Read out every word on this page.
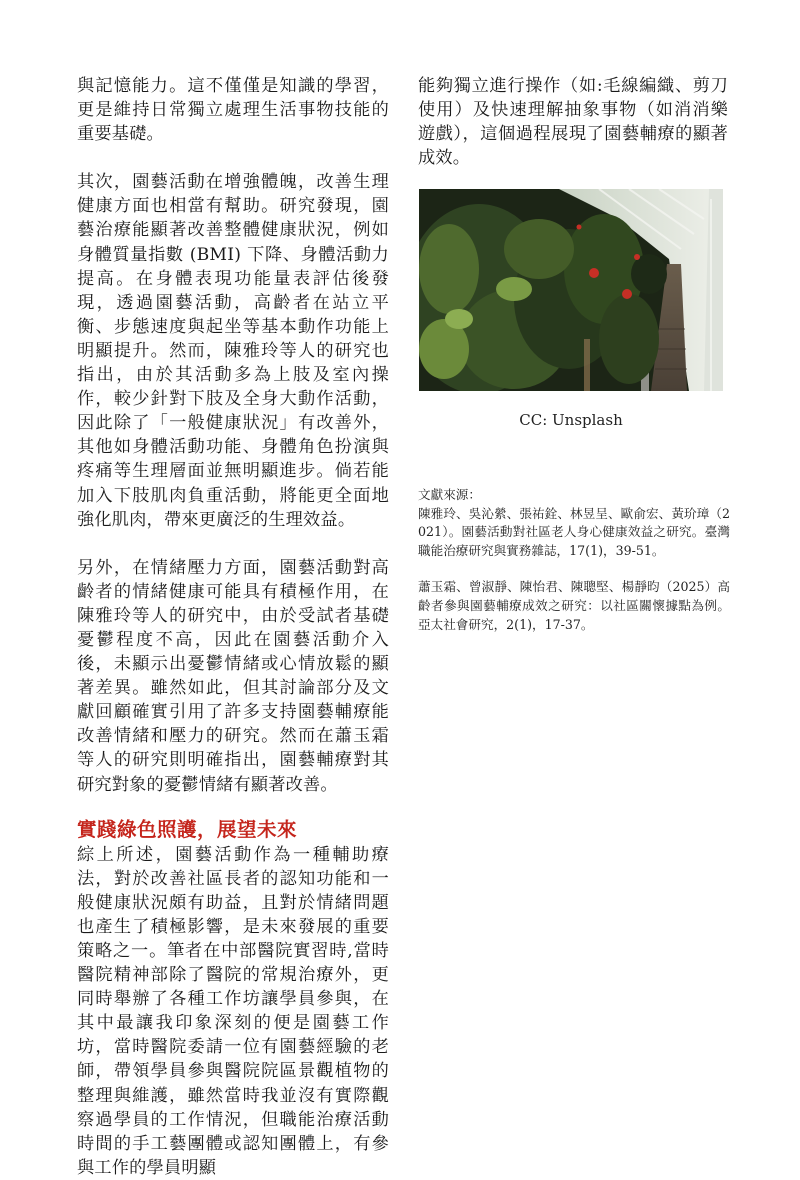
與記憶能力。這不僅僅是知識的學習，更是維持日常獨立處理生活事物技能的重要基礎。

其次，園藝活動在增強體魄，改善生理健康方面也相當有幫助。研究發現，園藝治療能顯著改善整體健康狀況，例如身體質量指數 (BMI) 下降、身體活動力提高。在身體表現功能量表評估後發現，透過園藝活動，高齡者在站立平衡、步態速度與起坐等基本動作功能上明顯提升。然而，陳雅玲等人的研究也指出，由於其活動多為上肢及室內操作，較少針對下肢及全身大動作活動，因此除了「一般健康狀況」有改善外，其他如身體活動功能、身體角色扮演與疼痛等生理層面並無明顯進步。倘若能加入下肢肌肉負重活動，將能更全面地強化肌肉，帶來更廣泛的生理效益。

另外，在情緒壓力方面，園藝活動對高齡者的情緒健康可能具有積極作用，在陳雅玲等人的研究中，由於受試者基礎憂鬱程度不高，因此在園藝活動介入後，未顯示出憂鬱情緒或心情放鬆的顯著差異。雖然如此，但其討論部分及文獻回顧確實引用了許多支持園藝輔療能改善情緒和壓力的研究。然而在蕭玉霜等人的研究則明確指出，園藝輔療對其研究對象的憂鬱情緒有顯著改善。

實踐綠色照護，展望未來

綜上所述，園藝活動作為一種輔助療法，對於改善社區長者的認知功能和一般健康狀況頗有助益，且對於情緒問題也產生了積極影響，是未來發展的重要策略之一。筆者在中部醫院實習時,當時醫院精神部除了醫院的常規治療外，更同時舉辦了各種工作坊讓學員參與，在其中最讓我印象深刻的便是園藝工作坊，當時醫院委請一位有園藝經驗的老師，帶領學員參與醫院院區景觀植物的整理與維護，雖然當時我並沒有實際觀察過學員的工作情況，但職能治療活動時間的手工藝團體或認知團體上，有參與工作的學員明顯

能夠獨立進行操作（如:毛線編織、剪刀使用）及快速理解抽象事物（如消消樂遊戲），這個過程展現了園藝輔療的顯著成效。

CC: Unsplash

文獻來源：

陳雅玲、吳沁縈、張祐銓、林昱呈、歐俞宏、黃玠璋（2021）。園藝活動對社區老人身心健康效益之研究。臺灣職能治療研究與實務雜誌，17(1)，39-51。

蕭玉霜、曾淑靜、陳怡君、陳聰堅、楊靜昀（2025）高齡者參與園藝輔療成效之研究：以社區關懷據點為例。亞太社會研究，2(1)，17-37。
